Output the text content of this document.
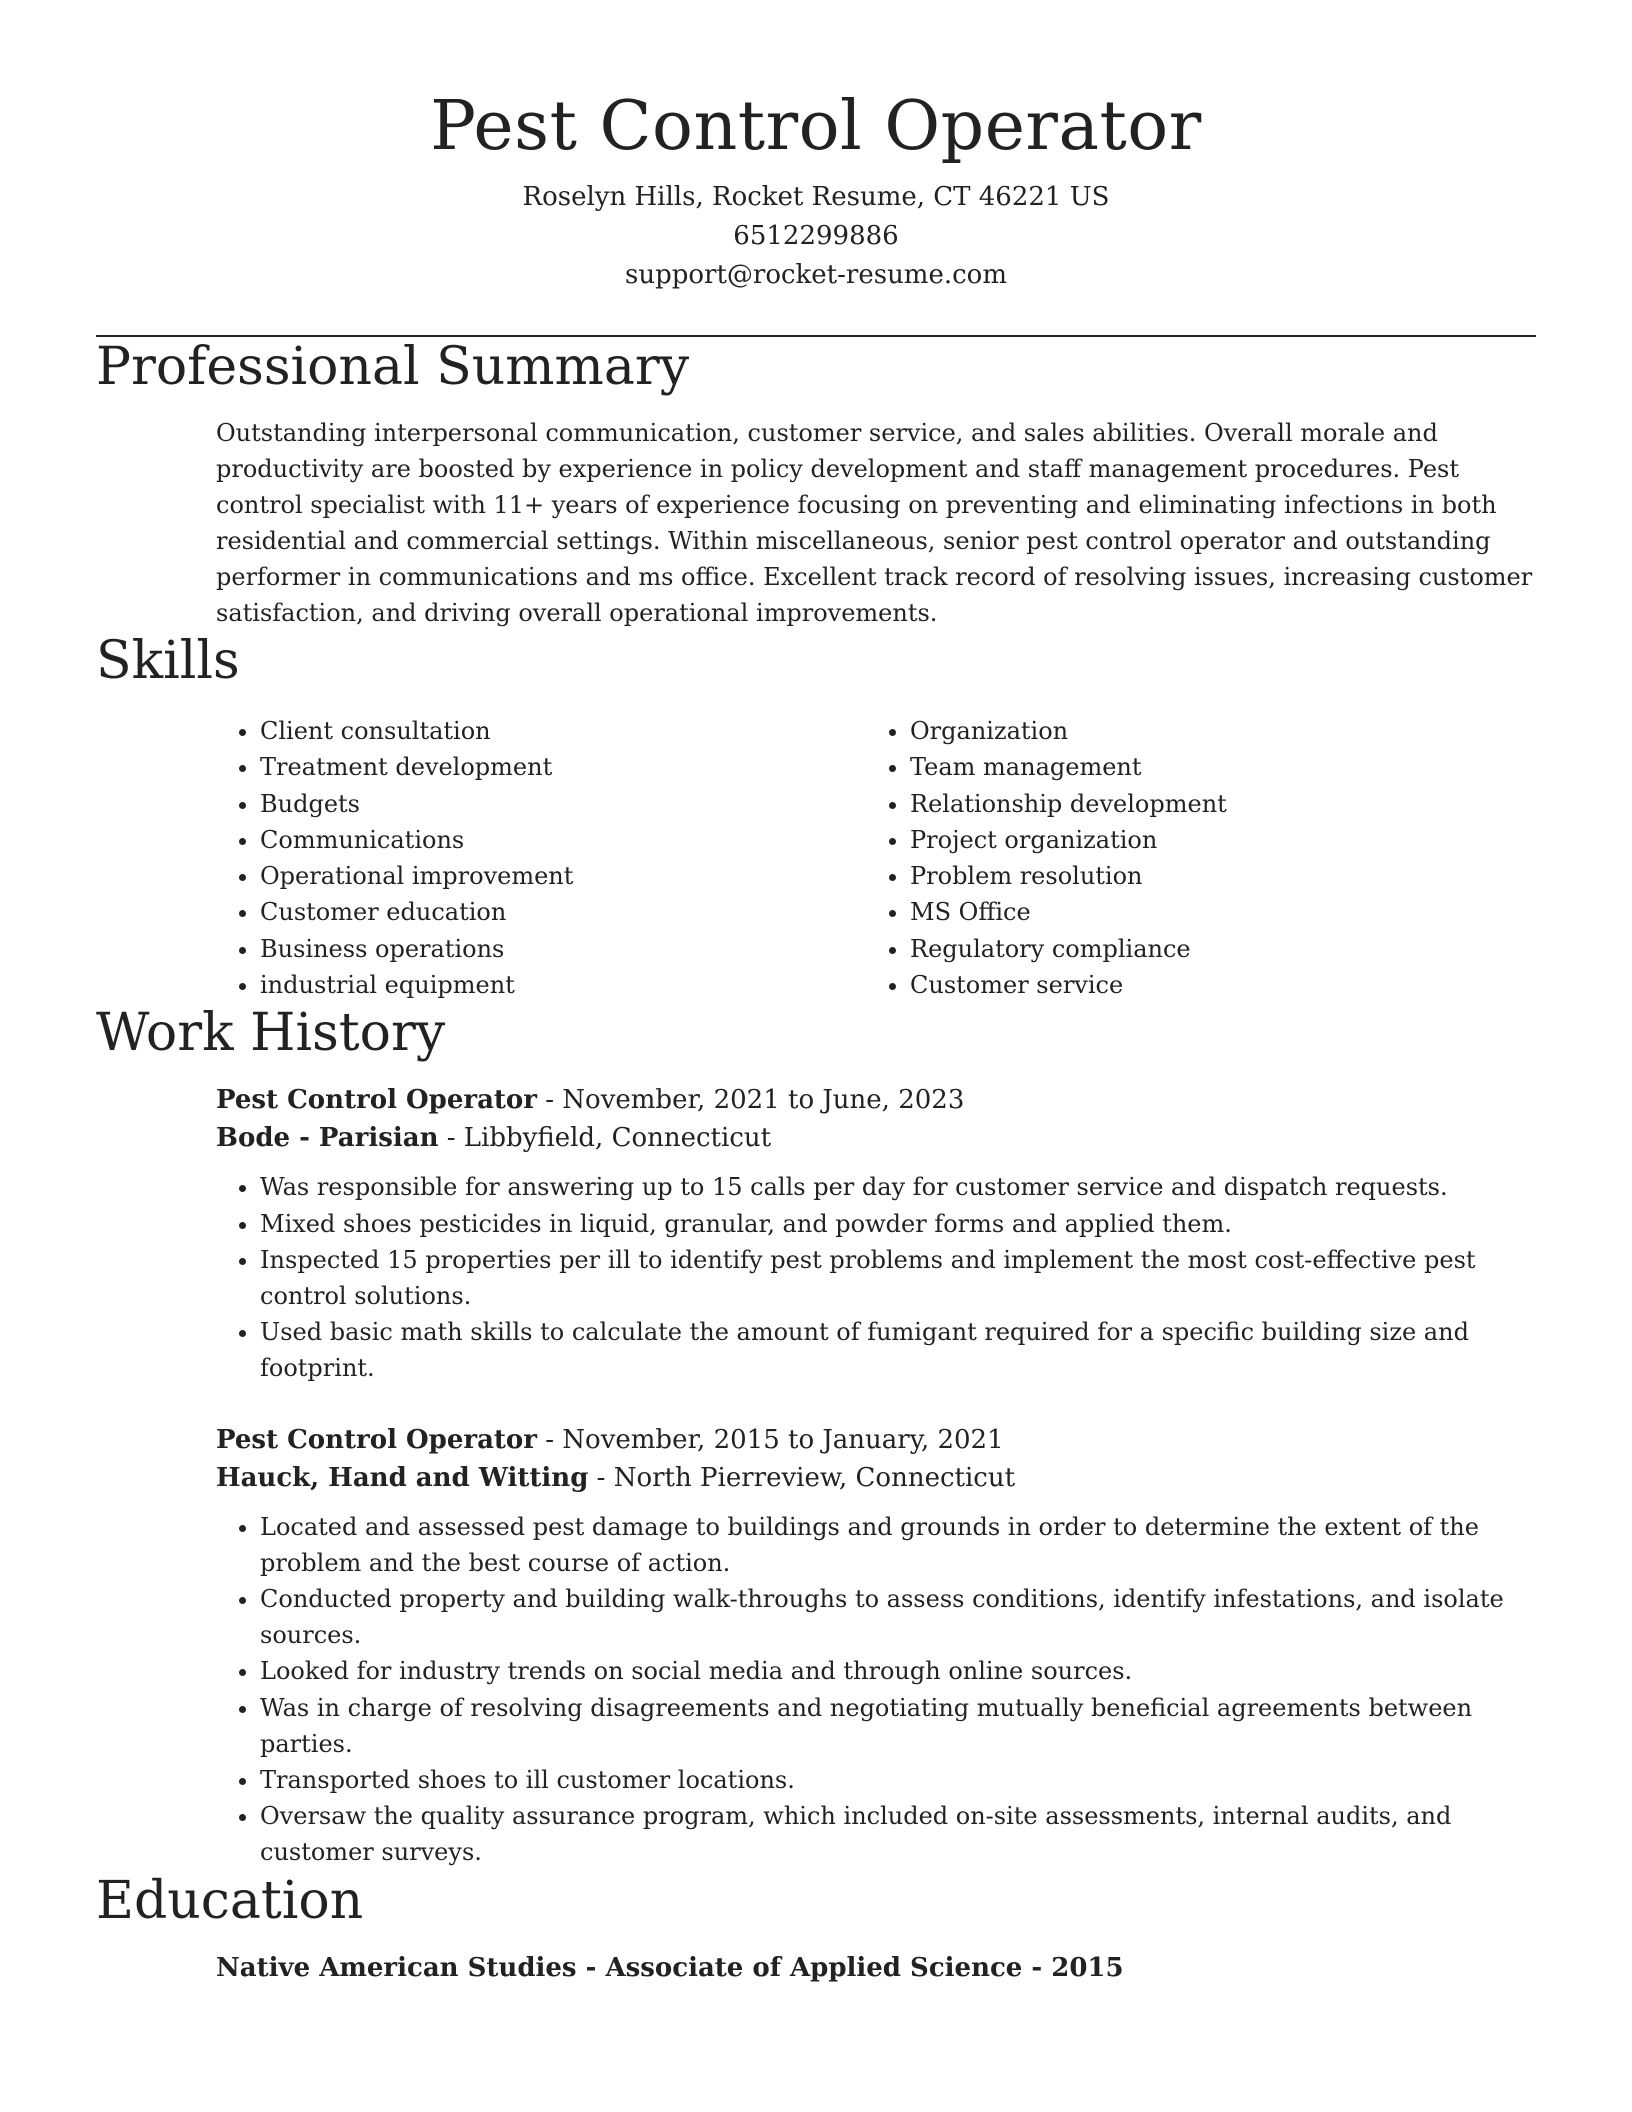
Pest Control Operator
Roselyn Hills, Rocket Resume, CT 46221 US
6512299886
support@rocket-resume.com
Professional Summary
Outstanding interpersonal communication, customer service, and sales abilities. Overall morale and productivity are boosted by experience in policy development and staff management procedures. Pest control specialist with 11+ years of experience focusing on preventing and eliminating infections in both residential and commercial settings. Within miscellaneous, senior pest control operator and outstanding performer in communications and ms office. Excellent track record of resolving issues, increasing customer satisfaction, and driving overall operational improvements.
Skills
• Client consultation
• Treatment development
• Budgets
• Communications
• Operational improvement
• Customer education
• Business operations
• industrial equipment
• Organization
• Team management
• Relationship development
• Project organization
• Problem resolution
• MS Office
• Regulatory compliance
• Customer service
Work History
Pest Control Operator - November, 2021 to June, 2023
Bode - Parisian - Libbyfield, Connecticut
• Was responsible for answering up to 15 calls per day for customer service and dispatch requests.
• Mixed shoes pesticides in liquid, granular, and powder forms and applied them.
• Inspected 15 properties per ill to identify pest problems and implement the most cost-effective pest control solutions.
• Used basic math skills to calculate the amount of fumigant required for a specific building size and footprint.
Pest Control Operator - November, 2015 to January, 2021
Hauck, Hand and Witting - North Pierreview, Connecticut
• Located and assessed pest damage to buildings and grounds in order to determine the extent of the problem and the best course of action.
• Conducted property and building walk-throughs to assess conditions, identify infestations, and isolate sources.
• Looked for industry trends on social media and through online sources.
• Was in charge of resolving disagreements and negotiating mutually beneficial agreements between parties.
• Transported shoes to ill customer locations.
• Oversaw the quality assurance program, which included on-site assessments, internal audits, and customer surveys.
Education
Native American Studies - Associate of Applied Science - 2015
